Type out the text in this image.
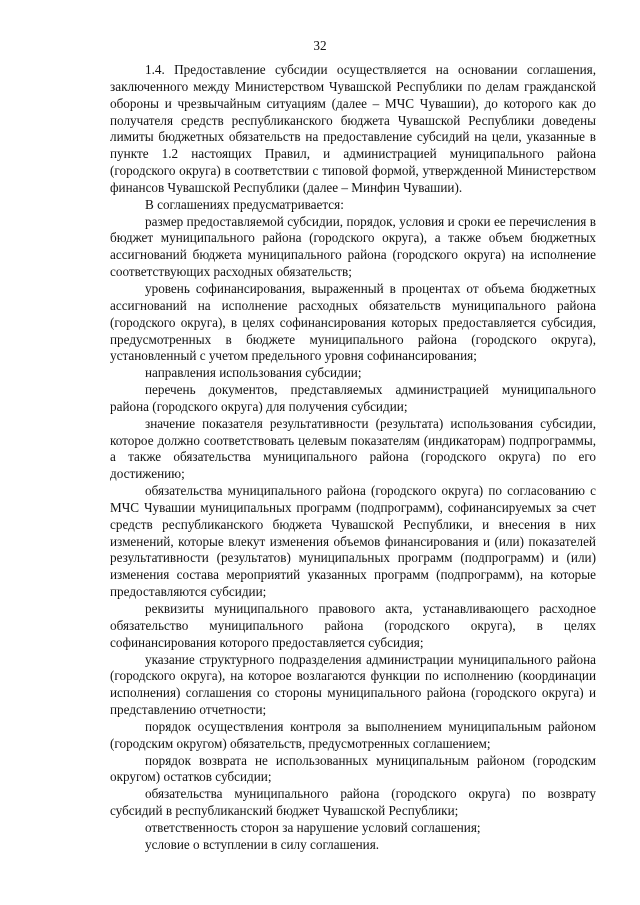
32

1.4. Предоставление субсидии осуществляется на основании соглашения, заключенного между Министерством Чувашской Республики по делам гражданской обороны и чрезвычайным ситуациям (далее – МЧС Чувашии), до которого как до получателя средств республиканского бюджета Чувашской Республики доведены лимиты бюджетных обязательств на предоставление субсидий на цели, указанные в пункте 1.2 настоящих Правил, и администрацией муниципального района (городского округа) в соответствии с типовой формой, утвержденной Министерством финансов Чувашской Республики (далее – Минфин Чувашии).

В соглашениях предусматривается:

размер предоставляемой субсидии, порядок, условия и сроки ее перечисления в бюджет муниципального района (городского округа), а также объем бюджетных ассигнований бюджета муниципального района (городского округа) на исполнение соответствующих расходных обязательств;

уровень софинансирования, выраженный в процентах от объема бюджетных ассигнований на исполнение расходных обязательств муниципального района (городского округа), в целях софинансирования которых предоставляется субсидия, предусмотренных в бюджете муниципального района (городского округа), установленный с учетом предельного уровня софинансирования;

направления использования субсидии;

перечень документов, представляемых администрацией муниципального района (городского округа) для получения субсидии;

значение показателя результативности (результата) использования субсидии, которое должно соответствовать целевым показателям (индикаторам) подпрограммы, а также обязательства муниципального района (городского округа) по его достижению;

обязательства муниципального района (городского округа) по согласованию с МЧС Чувашии муниципальных программ (подпрограмм), софинансируемых за счет средств республиканского бюджета Чувашской Республики, и внесения в них изменений, которые влекут изменения объемов финансирования и (или) показателей результативности (результатов) муниципальных программ (подпрограмм) и (или) изменения состава мероприятий указанных программ (подпрограмм), на которые предоставляются субсидии;

реквизиты муниципального правового акта, устанавливающего расходное обязательство муниципального района (городского округа), в целях софинансирования которого предоставляется субсидия;

указание структурного подразделения администрации муниципального района (городского округа), на которое возлагаются функции по исполнению (координации исполнения) соглашения со стороны муниципального района (городского округа) и представлению отчетности;

порядок осуществления контроля за выполнением муниципальным районом (городским округом) обязательств, предусмотренных соглашением;

порядок возврата не использованных муниципальным районом (городским округом) остатков субсидии;

обязательства муниципального района (городского округа) по возврату субсидий в республиканский бюджет Чувашской Республики;

ответственность сторон за нарушение условий соглашения;

условие о вступлении в силу соглашения.
